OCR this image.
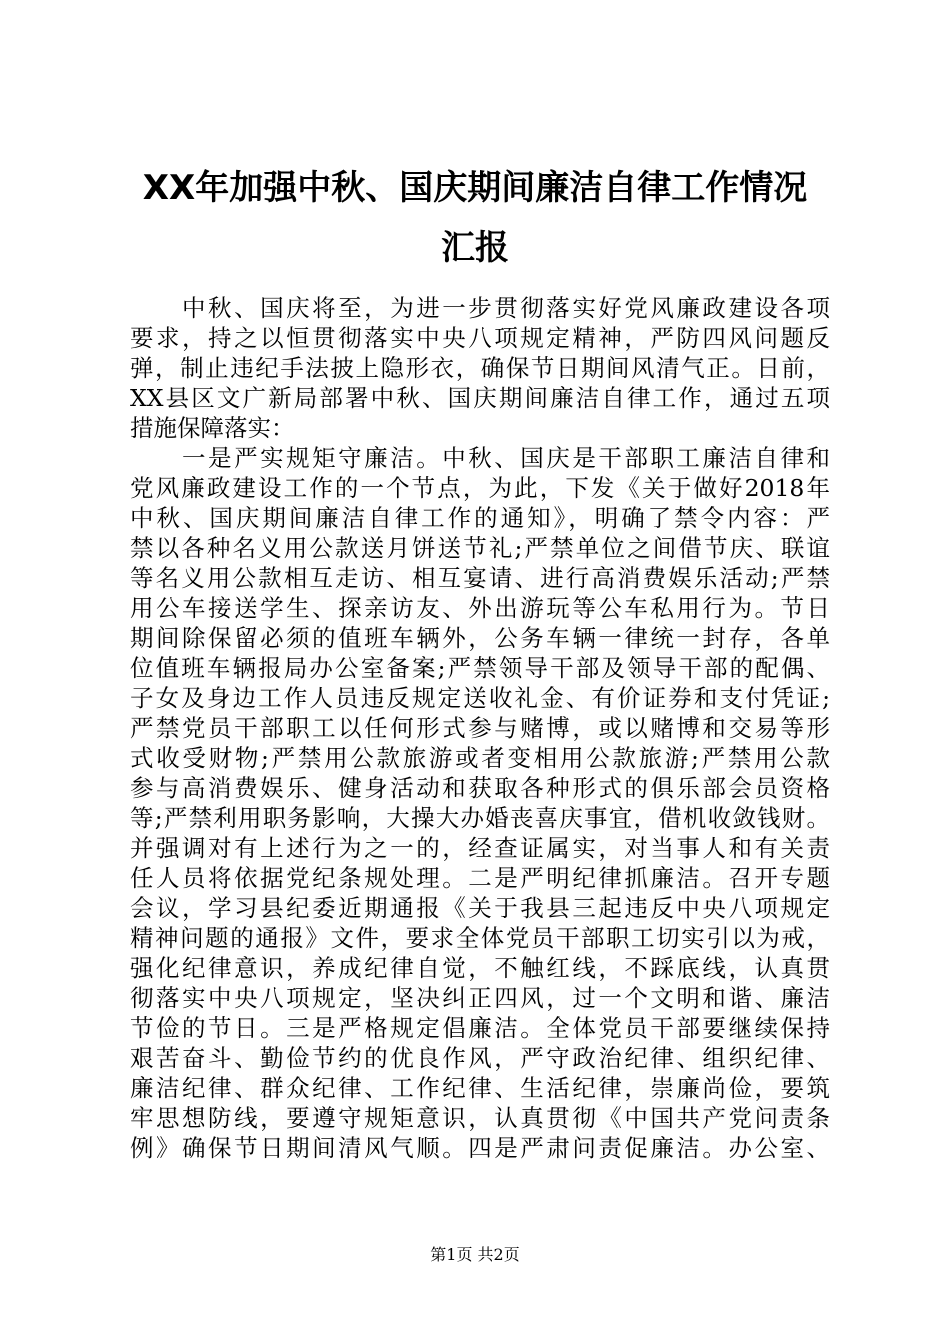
XX年加强中秋、国庆期间廉洁自律工作情况
汇报
　　中秋、国庆将至，为进一步贯彻落实好党风廉政建设各项
要求，持之以恒贯彻落实中央八项规定精神，严防四风问题反
弹，制止违纪手法披上隐形衣，确保节日期间风清气正。日前，
XX县区文广新局部署中秋、国庆期间廉洁自律工作，通过五项
措施保障落实：
　　一是严实规矩守廉洁。中秋、国庆是干部职工廉洁自律和
党风廉政建设工作的一个节点，为此，下发《关于做好2018年
中秋、国庆期间廉洁自律工作的通知》，明确了禁令内容：严
禁以各种名义用公款送月饼送节礼;严禁单位之间借节庆、联谊
等名义用公款相互走访、相互宴请、进行高消费娱乐活动;严禁
用公车接送学生、探亲访友、外出游玩等公车私用行为。节日
期间除保留必须的值班车辆外，公务车辆一律统一封存，各单
位值班车辆报局办公室备案;严禁领导干部及领导干部的配偶、
子女及身边工作人员违反规定送收礼金、有价证券和支付凭证;
严禁党员干部职工以任何形式参与赌博，或以赌博和交易等形
式收受财物;严禁用公款旅游或者变相用公款旅游;严禁用公款
参与高消费娱乐、健身活动和获取各种形式的俱乐部会员资格
等;严禁利用职务影响，大操大办婚丧喜庆事宜，借机收敛钱财。
并强调对有上述行为之一的，经查证属实，对当事人和有关责
任人员将依据党纪条规处理。二是严明纪律抓廉洁。召开专题
会议，学习县纪委近期通报《关于我县三起违反中央八项规定
精神问题的通报》文件，要求全体党员干部职工切实引以为戒，
强化纪律意识，养成纪律自觉，不触红线，不踩底线，认真贯
彻落实中央八项规定，坚决纠正四风，过一个文明和谐、廉洁
节俭的节日。三是严格规定倡廉洁。全体党员干部要继续保持
艰苦奋斗、勤俭节约的优良作风，严守政治纪律、组织纪律、
廉洁纪律、群众纪律、工作纪律、生活纪律，崇廉尚俭，要筑
牢思想防线，要遵守规矩意识，认真贯彻《中国共产党问责条
例》确保节日期间清风气顺。四是严肃问责促廉洁。办公室、
第1页 共2页
